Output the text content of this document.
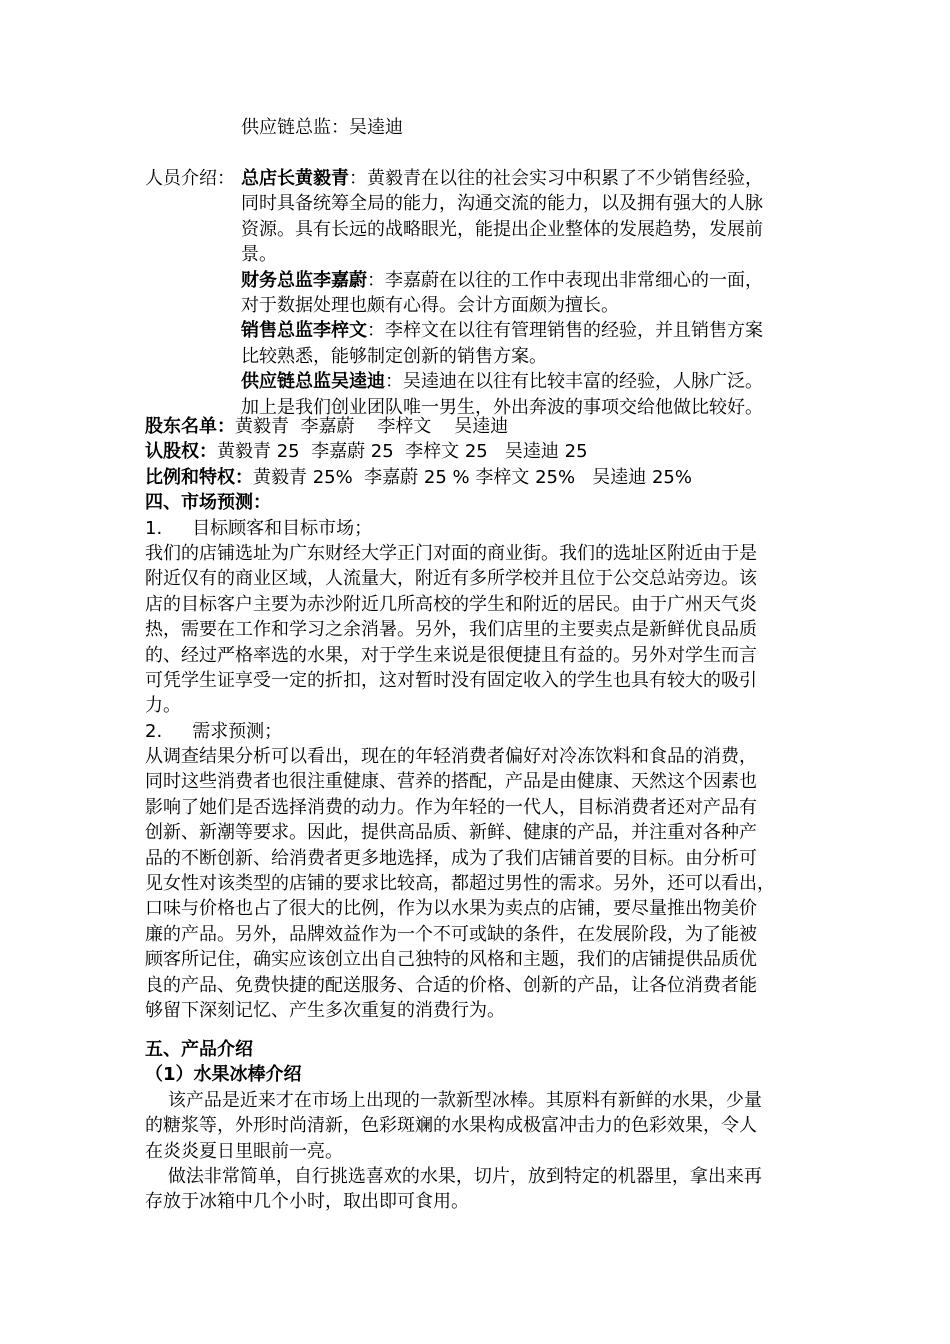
供应链总监：吴逵迪
人员介绍： 总店长黄毅青：黄毅青在以往的社会实习中积累了不少销售经验，
同时具备统筹全局的能力，沟通交流的能力，以及拥有强大的人脉
资源。具有长远的战略眼光，能提出企业整体的发展趋势，发展前
景。
财务总监李嘉蔚：李嘉蔚在以往的工作中表现出非常细心的一面，
对于数据处理也颇有心得。会计方面颇为擅长。
销售总监李梓文：李梓文在以往有管理销售的经验，并且销售方案
比较熟悉，能够制定创新的销售方案。
供应链总监吴逵迪：吴逵迪在以往有比较丰富的经验，人脉广泛。
加上是我们创业团队唯一男生，外出奔波的事项交给他做比较好。
股东名单：黄毅青  李嘉蔚    李梓文    吴逵迪
认股权：黄毅青 25  李嘉蔚 25  李梓文 25   吴逵迪 25
比例和特权：黄毅青 25%  李嘉蔚 25 % 李梓文 25%   吴逵迪 25%
四、市场预测：
1. 目标顾客和目标市场；
我们的店铺选址为广东财经大学正门对面的商业街。我们的选址区附近由于是
附近仅有的商业区域，人流量大，附近有多所学校并且位于公交总站旁边。该
店的目标客户主要为赤沙附近几所高校的学生和附近的居民。由于广州天气炎
热，需要在工作和学习之余消暑。另外，我们店里的主要卖点是新鲜优良品质
的、经过严格率选的水果，对于学生来说是很便捷且有益的。另外对学生而言
可凭学生证享受一定的折扣，这对暂时没有固定收入的学生也具有较大的吸引
力。
2. 需求预测；
从调查结果分析可以看出，现在的年轻消费者偏好对冷冻饮料和食品的消费，
同时这些消费者也很注重健康、营养的搭配，产品是由健康、天然这个因素也
影响了她们是否选择消费的动力。作为年轻的一代人，目标消费者还对产品有
创新、新潮等要求。因此，提供高品质、新鲜、健康的产品，并注重对各种产
品的不断创新、给消费者更多地选择，成为了我们店铺首要的目标。由分析可
见女性对该类型的店铺的要求比较高，都超过男性的需求。另外，还可以看出，
口味与价格也占了很大的比例，作为以水果为卖点的店铺，要尽量推出物美价
廉的产品。另外，品牌效益作为一个不可或缺的条件，在发展阶段，为了能被
顾客所记住，确实应该创立出自己独特的风格和主题，我们的店铺提供品质优
良的产品、免费快捷的配送服务、合适的价格、创新的产品，让各位消费者能
够留下深刻记忆、产生多次重复的消费行为。
五、产品介绍
（1）水果冰棒介绍
该产品是近来才在市场上出现的一款新型冰棒。其原料有新鲜的水果，少量
的糖浆等，外形时尚清新，色彩斑斓的水果构成极富冲击力的色彩效果，令人
在炎炎夏日里眼前一亮。
做法非常简单，自行挑选喜欢的水果，切片，放到特定的机器里，拿出来再
存放于冰箱中几个小时，取出即可食用。
